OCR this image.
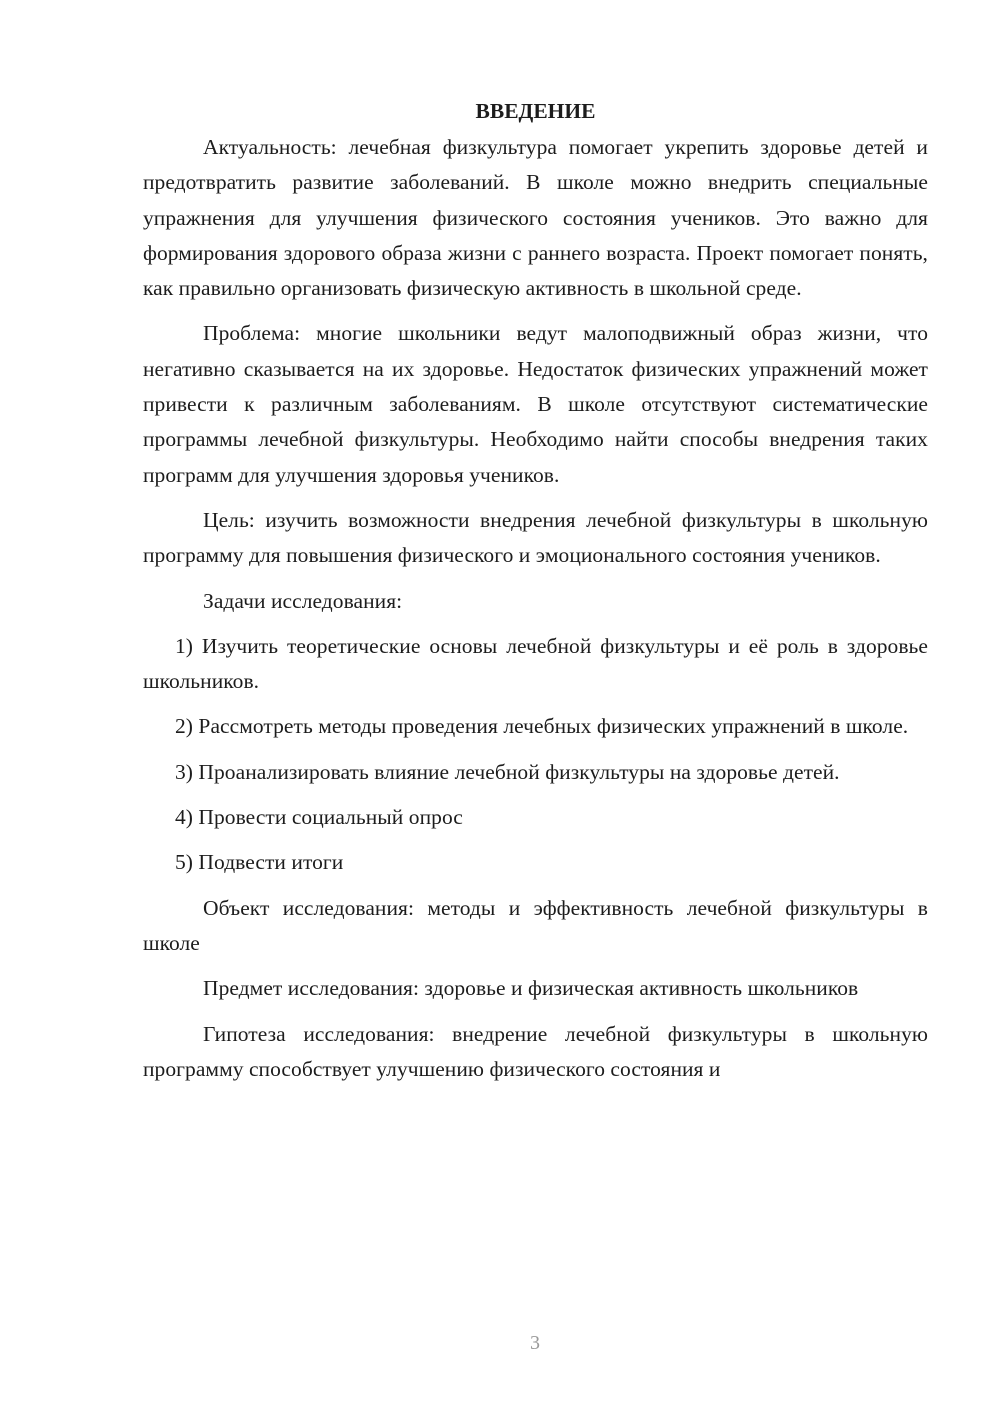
ВВЕДЕНИЕ

Актуальность: лечебная физкультура помогает укрепить здоровье детей и предотвратить развитие заболеваний. В школе можно внедрить специальные упражнения для улучшения физического состояния учеников. Это важно для формирования здорового образа жизни с раннего возраста. Проект помогает понять, как правильно организовать физическую активность в школьной среде.

Проблема: многие школьники ведут малоподвижный образ жизни, что негативно сказывается на их здоровье. Недостаток физических упражнений может привести к различным заболеваниям. В школе отсутствуют систематические программы лечебной физкультуры. Необходимо найти способы внедрения таких программ для улучшения здоровья учеников.

Цель: изучить возможности внедрения лечебной физкультуры в школьную программу для повышения физического и эмоционального состояния учеников.

Задачи исследования:

1) Изучить теоретические основы лечебной физкультуры и её роль в здоровье школьников.

2) Рассмотреть методы проведения лечебных физических упражнений в школе.

3) Проанализировать влияние лечебной физкультуры на здоровье детей.

4) Провести социальный опрос

5) Подвести итоги

Объект исследования: методы и эффективность лечебной физкультуры в школе

Предмет исследования: здоровье и физическая активность школьников

Гипотеза исследования: внедрение лечебной физкультуры в школьную программу способствует улучшению физического состояния и

3
